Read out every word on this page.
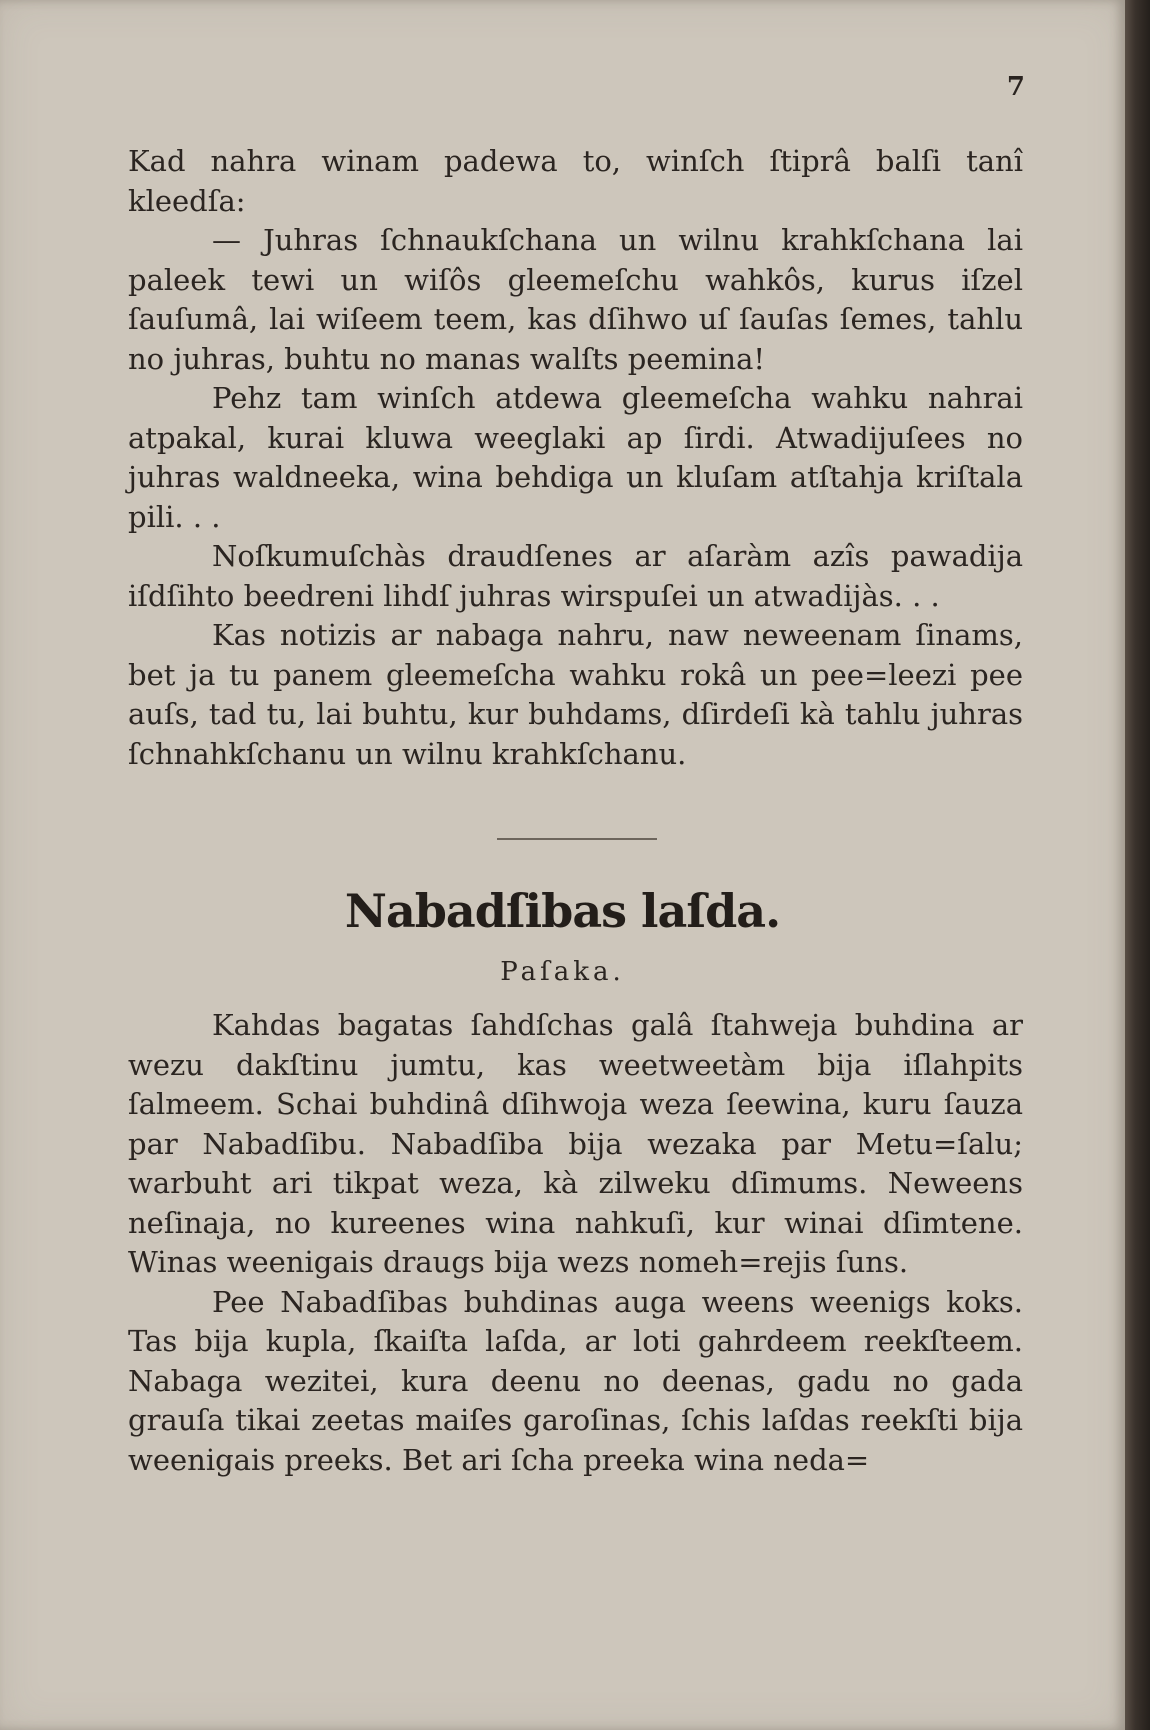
7

Kad nahra winam padewa to, winſch ſtiprâ balſi tanî kleedſa:

— Juhras ſchnaukſchana un wilnu krahkſchana lai paleek tewi un wiſôs gleemeſchu wahkôs, kurus iſzel ſauſumâ, lai wiſeem teem, kas dſihwo uſ ſauſas ſemes, tahlu no juhras, buhtu no manas walſts peemina!

Pehz tam winſch atdewa gleemeſcha wahku nahrai atpakal, kurai kluwa weeglaki ap ſirdi. Atwadijuſees no juhras waldneeka, wina behdiga un kluſam atſtahja kriſtala pili. . .

Noſkumuſchàs draudſenes ar aſaràm azîs pawadija iſdſihto beedreni lihdſ juhras wirspuſei un atwadijàs. . .

Kas notizis ar nabaga nahru, naw neweenam ſinams, bet ja tu panem gleemeſcha wahku rokâ un pee=leezi pee auſs, tad tu, lai buhtu, kur buhdams, dſirdeſi kà tahlu juhras ſchnahkſchanu un wilnu krahkſchanu.

Nabadſibas laſda.
Paſaka.

Kahdas bagatas ſahdſchas galâ ſtahweja buhdina ar wezu dakſtinu jumtu, kas weetweetàm bija iſlahpits ſalmeem. Schai buhdinâ dſihwoja weza ſeewina, kuru ſauza par Nabadſibu. Nabadſiba bija wezaka par Metu=ſalu; warbuht ari tikpat weza, kà zilweku dſimums. Neweens neſinaja, no kureenes wina nahkuſi, kur winai dſimtene. Winas weenigais draugs bija wezs nomeh=rejis ſuns.

Pee Nabadſibas buhdinas auga weens weenigs koks. Tas bija kupla, ſkaiſta laſda, ar loti gahrdeem reekſteem. Nabaga wezitei, kura deenu no deenas, gadu no gada grauſa tikai zeetas maiſes garoſinas, ſchis laſdas reekſti bija weenigais preeks. Bet ari ſcha preeka wina neda=
